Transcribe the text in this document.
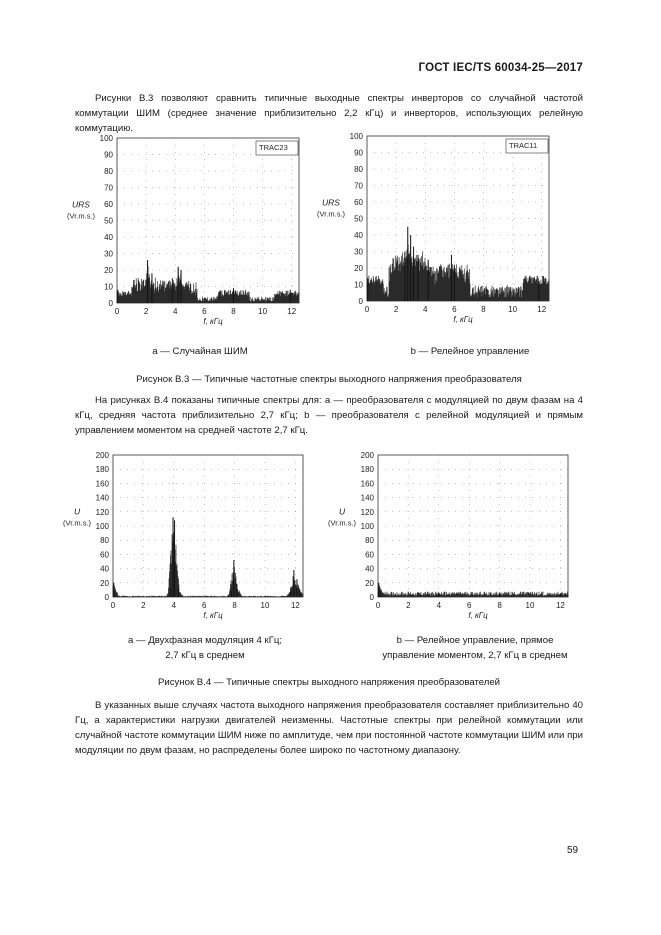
ГОСТ IEC/TS 60034-25—2017
Рисунки В.3 позволяют сравнить типичные выходные спектры инверторов со случайной частотой коммутации ШИМ (среднее значение приблизительно 2,2 кГц) и инверторов, использующих релейную коммутацию.
0
10
20
30
40
50
60
70
80
90
100
0	2	4	6	8	10	12
f, кГц
URS
(Vr.m.s.)
TRAC23
0
10
20
30
40
50
60
70
80
90
100
0	2	4	6	8	10	12
f, кГц
URS
(Vr.m.s.)
TRAC11
a — Случайная ШИМ	b — Релейное управление
Рисунок В.3 — Типичные частотные спектры выходного напряжения преобразователя
На рисунках В.4 показаны типичные спектры для: a — преобразователя с модуляцией по двум фазам на 4 кГц, средняя частота приблизительно 2,7 кГц; b — преобразователя с релейной модуляцией и прямым управлением моментом на средней частоте 2,7 кГц.
0
20
40
60
80
100
120
140
160
180
200
0	2	4	6	8	10	12
f, кГц
U
(Vr.m.s.)
0
20
40
60
80
100
120
140
160
180
200
0	2	4	6	8	10	12
f, кГц
U
(Vr.m.s.)
a — Двухфазная модуляция 4 кГц;
2,7 кГц в среднем
b — Релейное управление, прямое
управление моментом, 2,7 кГц в среднем
Рисунок В.4 — Типичные спектры выходного напряжения преобразователей
В указанных выше случаях частота выходного напряжения преобразователя составляет приблизительно 40 Гц, а характеристики нагрузки двигателей неизменны. Частотные спектры при релейной коммутации или случайной частоте коммутации ШИМ ниже по амплитуде, чем при постоянной частоте коммутации ШИМ или при модуляции по двум фазам, но распределены более широко по частотному диапазону.
59
